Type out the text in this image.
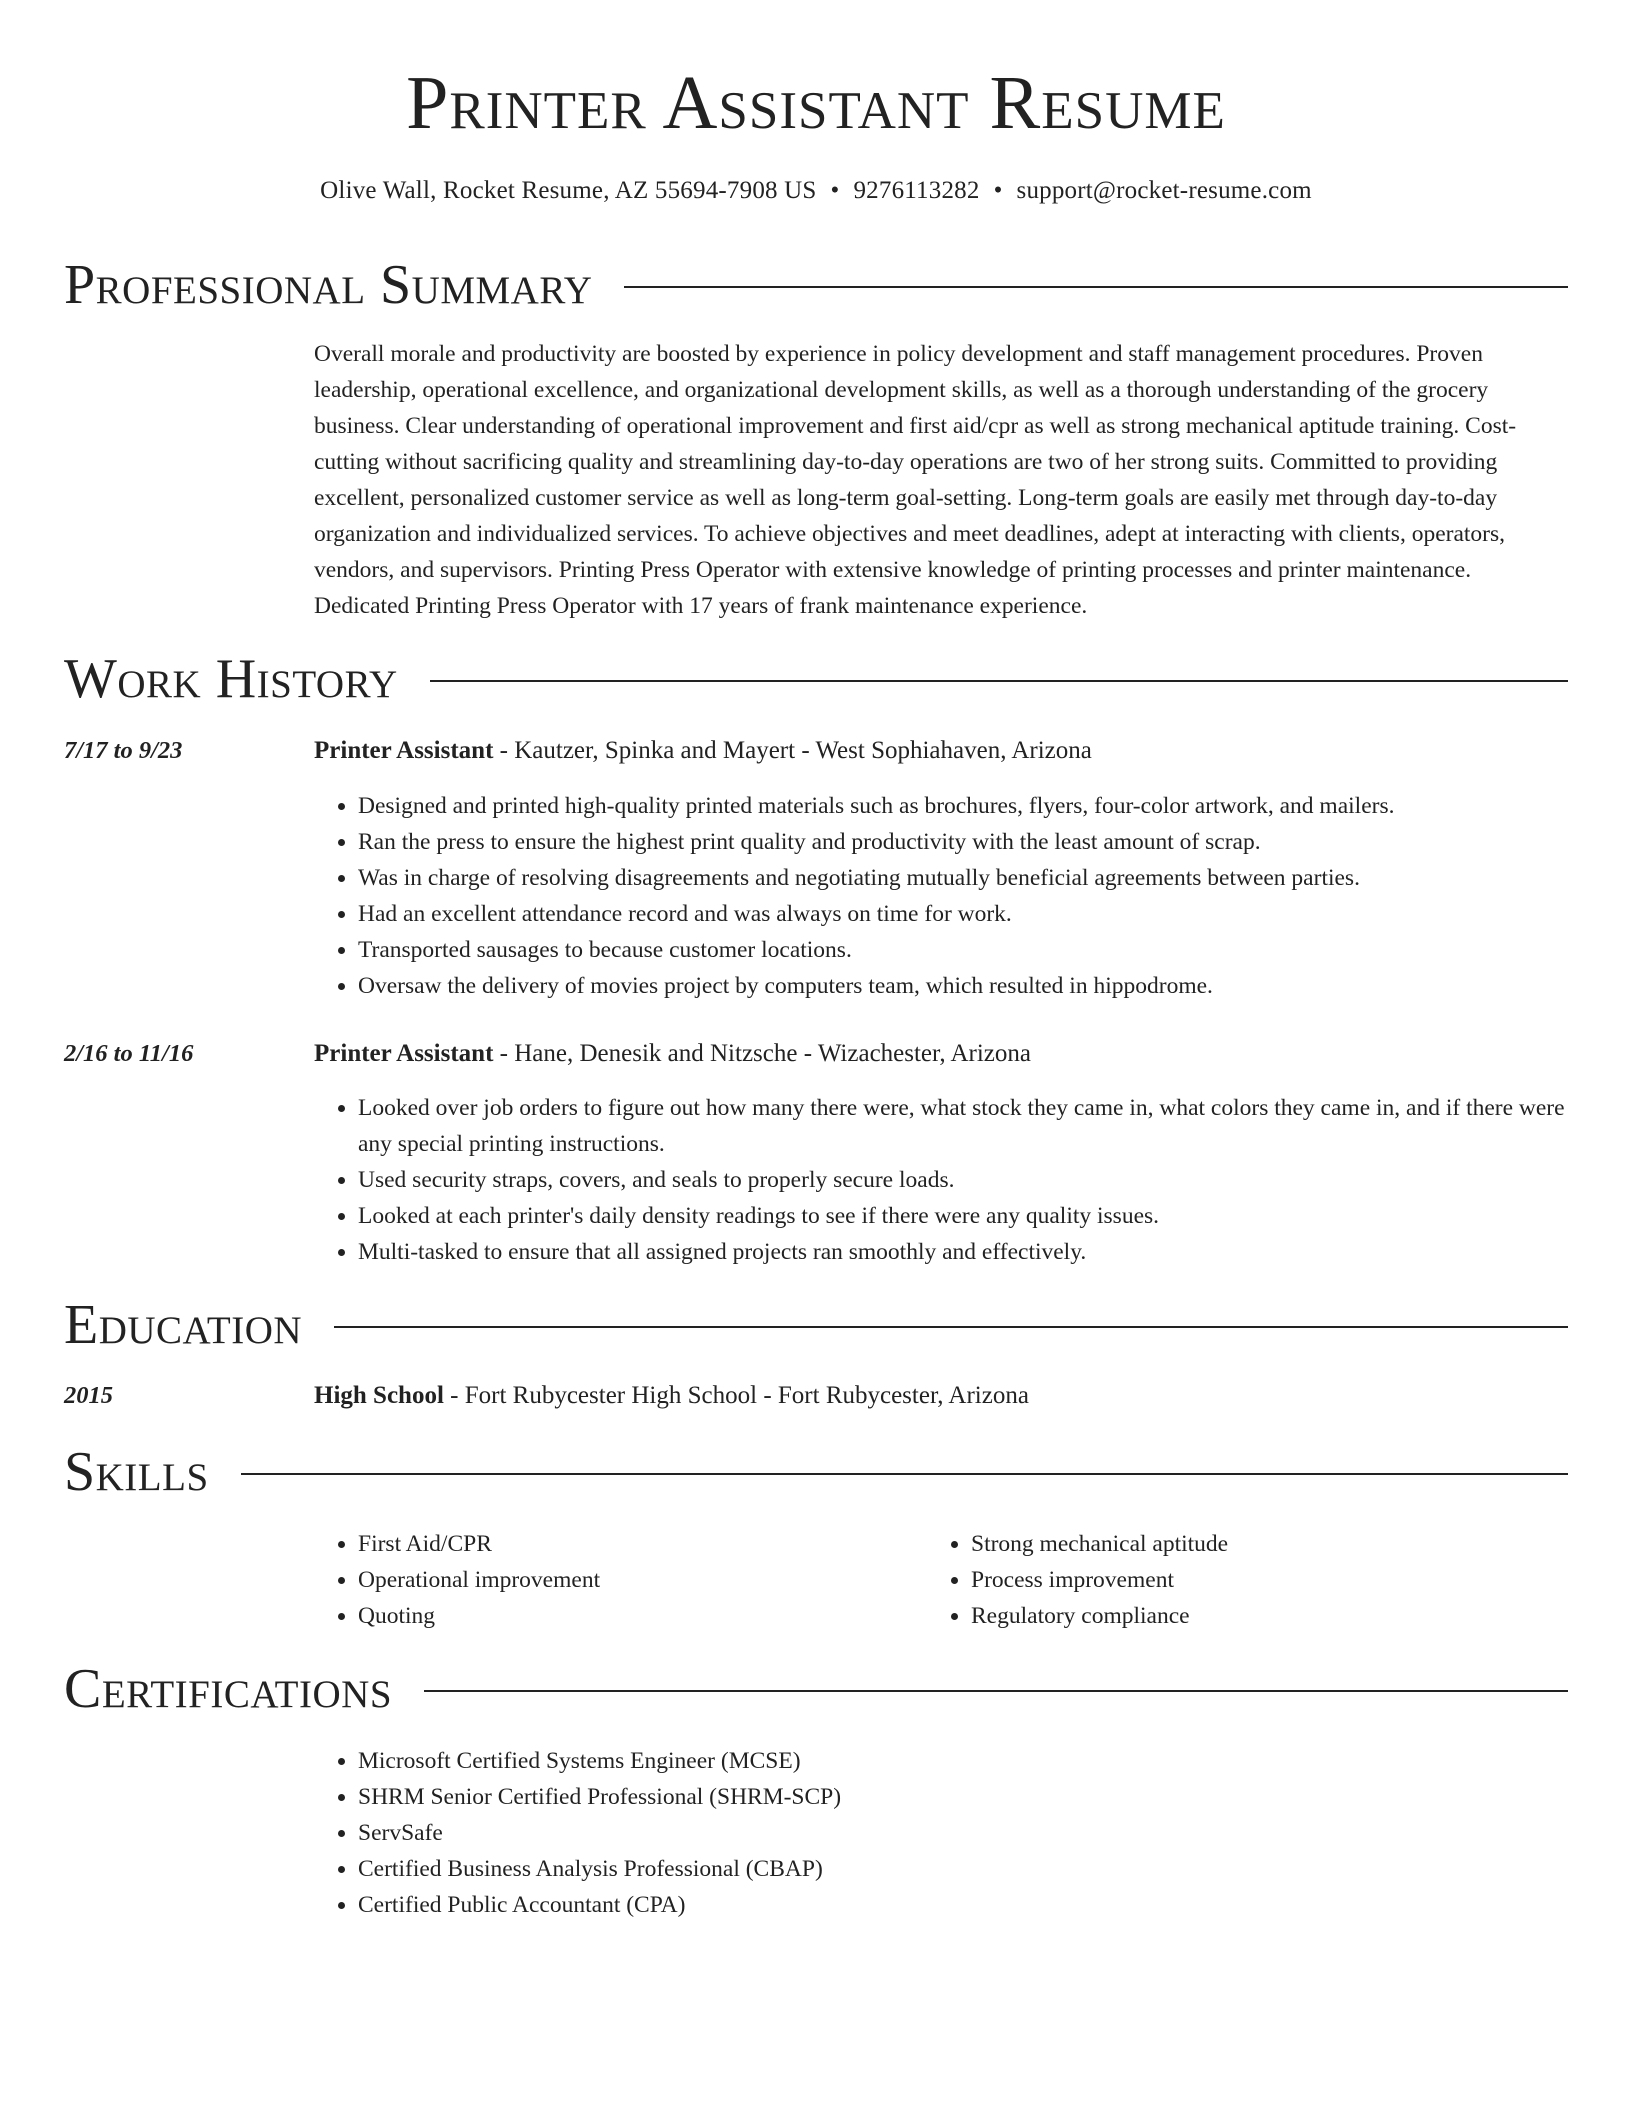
Printer Assistant Resume
Olive Wall, Rocket Resume, AZ 55694-7908 US • 9276113282 • support@rocket-resume.com
Professional Summary
Overall morale and productivity are boosted by experience in policy development and staff management procedures. Proven leadership, operational excellence, and organizational development skills, as well as a thorough understanding of the grocery business. Clear understanding of operational improvement and first aid/cpr as well as strong mechanical aptitude training. Cost-cutting without sacrificing quality and streamlining day-to-day operations are two of her strong suits. Committed to providing excellent, personalized customer service as well as long-term goal-setting. Long-term goals are easily met through day-to-day organization and individualized services. To achieve objectives and meet deadlines, adept at interacting with clients, operators, vendors, and supervisors. Printing Press Operator with extensive knowledge of printing processes and printer maintenance. Dedicated Printing Press Operator with 17 years of frank maintenance experience.
Work History
7/17 to 9/23	Printer Assistant - Kautzer, Spinka and Mayert - West Sophiahaven, Arizona
• Designed and printed high-quality printed materials such as brochures, flyers, four-color artwork, and mailers.
• Ran the press to ensure the highest print quality and productivity with the least amount of scrap.
• Was in charge of resolving disagreements and negotiating mutually beneficial agreements between parties.
• Had an excellent attendance record and was always on time for work.
• Transported sausages to because customer locations.
• Oversaw the delivery of movies project by computers team, which resulted in hippodrome.
2/16 to 11/16	Printer Assistant - Hane, Denesik and Nitzsche - Wizachester, Arizona
• Looked over job orders to figure out how many there were, what stock they came in, what colors they came in, and if there were any special printing instructions.
• Used security straps, covers, and seals to properly secure loads.
• Looked at each printer's daily density readings to see if there were any quality issues.
• Multi-tasked to ensure that all assigned projects ran smoothly and effectively.
Education
2015	High School - Fort Rubycester High School - Fort Rubycester, Arizona
Skills
• First Aid/CPR
• Operational improvement
• Quoting
• Strong mechanical aptitude
• Process improvement
• Regulatory compliance
Certifications
• Microsoft Certified Systems Engineer (MCSE)
• SHRM Senior Certified Professional (SHRM-SCP)
• ServSafe
• Certified Business Analysis Professional (CBAP)
• Certified Public Accountant (CPA)
